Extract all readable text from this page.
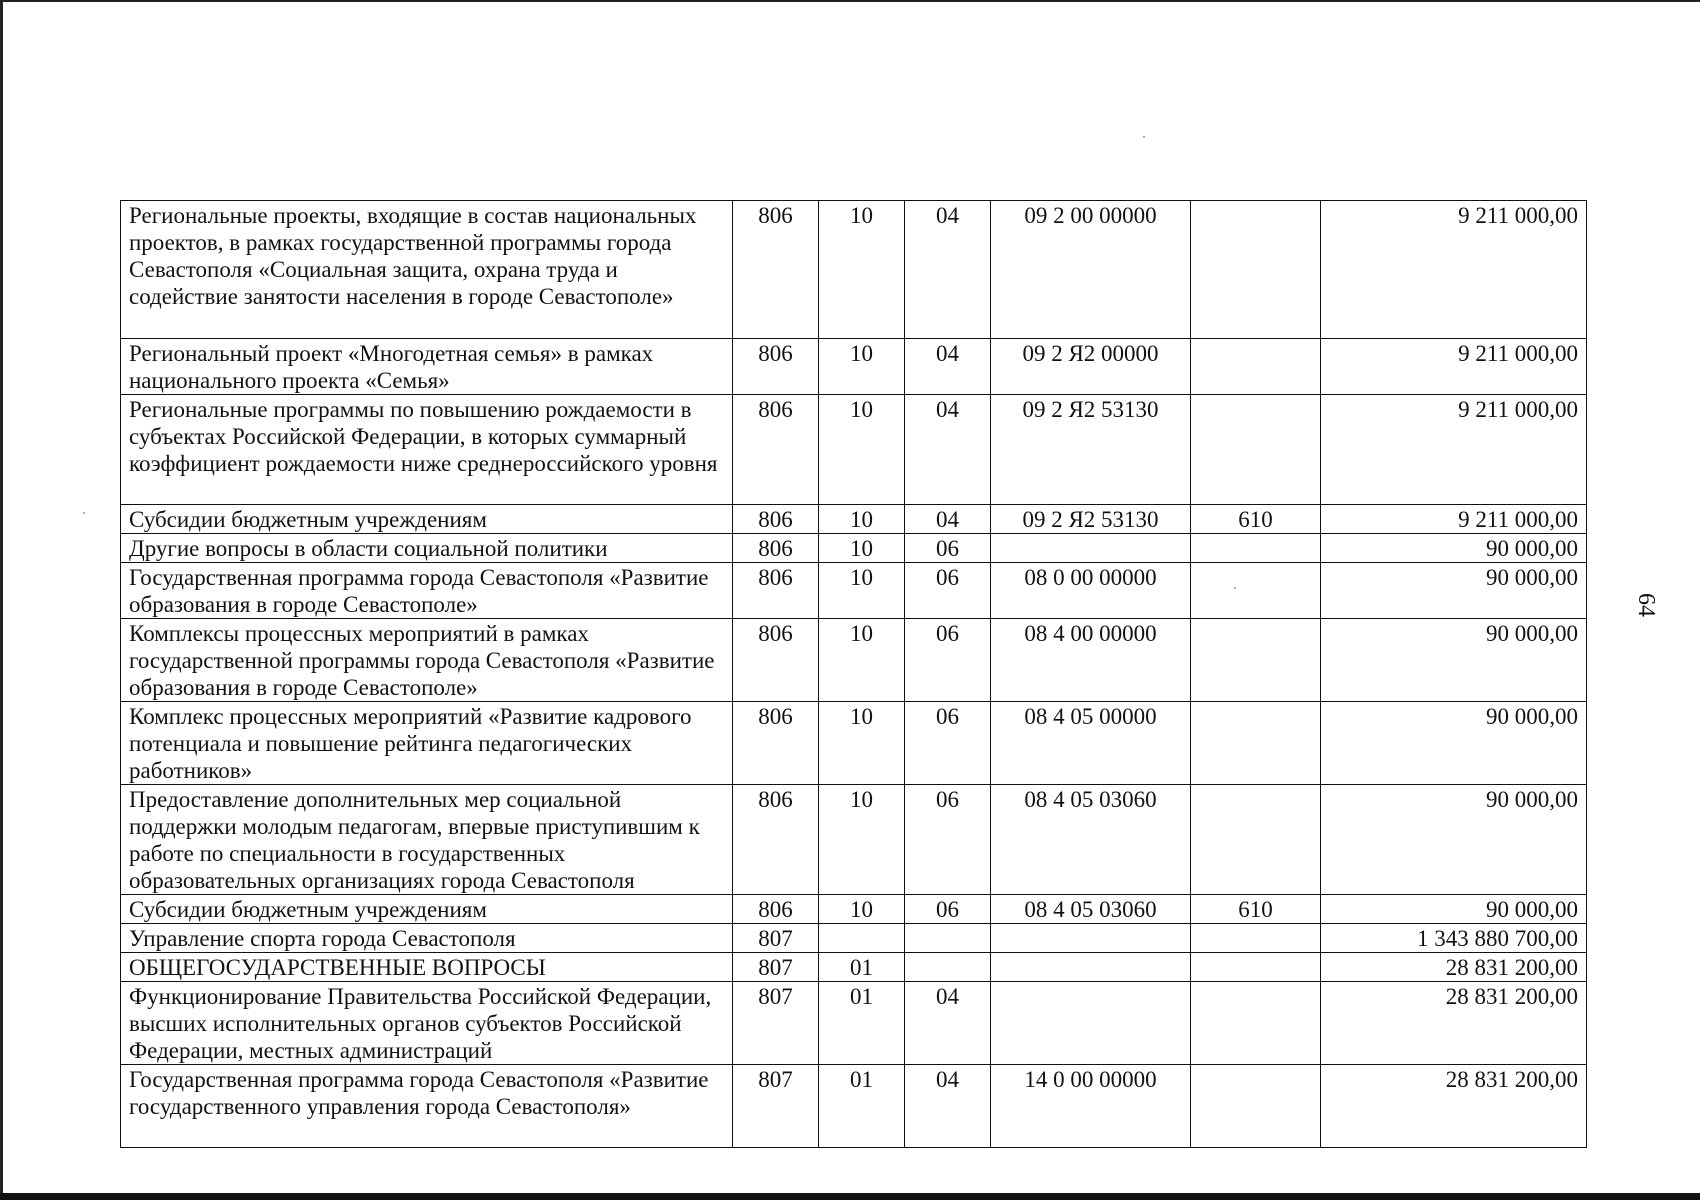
64
Региональные проекты, входящие в состав национальных проектов, в рамках государственной программы города Севастополя «Социальная защита, охрана труда и содействие занятости населения в городе Севастополе»	806	10	04	09 2 00 00000		9 211 000,00
Региональный проект «Многодетная семья» в рамках национального проекта «Семья»	806	10	04	09 2 Я2 00000		9 211 000,00
Региональные программы по повышению рождаемости в субъектах Российской Федерации, в которых суммарный коэффициент рождаемости ниже среднероссийского уровня	806	10	04	09 2 Я2 53130		9 211 000,00
Субсидии бюджетным учреждениям	806	10	04	09 2 Я2 53130	610	9 211 000,00
Другие вопросы в области социальной политики	806	10	06			90 000,00
Государственная программа города Севастополя «Развитие образования в городе Севастополе»	806	10	06	08 0 00 00000		90 000,00
Комплексы процессных мероприятий в рамках государственной программы города Севастополя «Развитие образования в городе Севастополе»	806	10	06	08 4 00 00000		90 000,00
Комплекс процессных мероприятий «Развитие кадрового потенциала и повышение рейтинга педагогических работников»	806	10	06	08 4 05 00000		90 000,00
Предоставление дополнительных мер социальной поддержки молодым педагогам, впервые приступившим к работе по специальности в государственных образовательных организациях города Севастополя	806	10	06	08 4 05 03060		90 000,00
Субсидии бюджетным учреждениям	806	10	06	08 4 05 03060	610	90 000,00
Управление спорта города Севастополя	807					1 343 880 700,00
ОБЩЕГОСУДАРСТВЕННЫЕ ВОПРОСЫ	807	01				28 831 200,00
Функционирование Правительства Российской Федерации, высших исполнительных органов субъектов Российской Федерации, местных администраций	807	01	04			28 831 200,00
Государственная программа города Севастополя «Развитие государственного управления города Севастополя»	807	01	04	14 0 00 00000		28 831 200,00
